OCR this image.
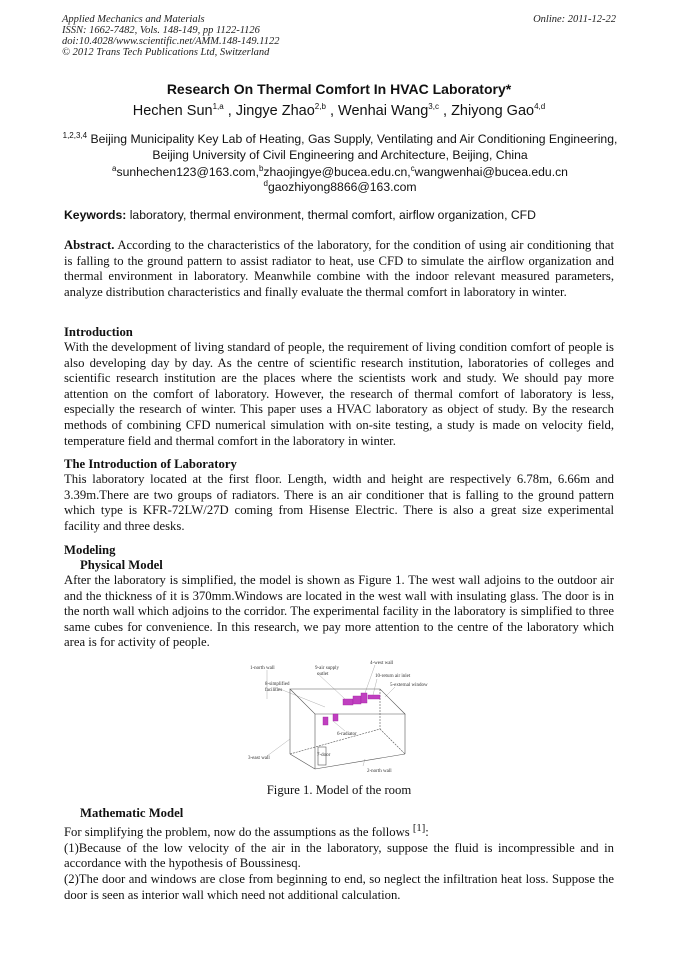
Applied Mechanics and Materials
ISSN: 1662-7482, Vols. 148-149, pp 1122-1126
doi:10.4028/www.scientific.net/AMM.148-149.1122
© 2012 Trans Tech Publications Ltd, Switzerland
Online: 2011-12-22
Research On Thermal Comfort In HVAC Laboratory*
Hechen Sun$^{1,a}$ , Jingye Zhao$^{2,b}$ , Wenhai Wang$^{3,c}$ , Zhiyong Gao$^{4,d}$
$^{1,2,3,4}$ Beijing Municipality Key Lab of Heating, Gas Supply, Ventilating and Air Conditioning Engineering, Beijing University of Civil Engineering and Architecture, Beijing, China
$^a$sunhechen123@163.com,$^b$zhaojingye@bucea.edu.cn,$^c$wangwenhai@bucea.edu.cn
$^d$gaozhiyong8866@163.com
Keywords: laboratory, thermal environment, thermal comfort, airflow organization, CFD
Abstract. According to the characteristics of the laboratory, for the condition of using air conditioning that is falling to the ground pattern to assist radiator to heat, use CFD to simulate the airflow organization and thermal environment in laboratory. Meanwhile combine with the indoor relevant measured parameters, analyze distribution characteristics and finally evaluate the thermal comfort in laboratory in winter.
Introduction
With the development of living standard of people, the requirement of living condition comfort of people is also developing day by day. As the centre of scientific research institution, laboratories of colleges and scientific research institution are the places where the scientists work and study. We should pay more attention on the comfort of laboratory. However, the research of thermal comfort of laboratory is less, especially the research of winter. This paper uses a HVAC laboratory as object of study. By the research methods of combining CFD numerical simulation with on-site testing, a study is made on velocity field, temperature field and thermal comfort in the laboratory in winter.
The Introduction of Laboratory
This laboratory located at the first floor. Length, width and height are respectively 6.78m, 6.66m and 3.39m.There are two groups of radiators. There is an air conditioner that is falling to the ground pattern which type is KFR-72LW/27D coming from Hisense Electric. There is also a great size experimental facility and three desks.
Modeling
Physical Model
After the laboratory is simplified, the model is shown as Figure 1. The west wall adjoins to the outdoor air and the thickness of it is 370mm.Windows are located in the west wall with insulating glass. The door is in the north wall which adjoins to the corridor. The experimental facility in the laboratory is simplified to three same cubes for convenience. In this research, we pay more attention to the centre of the laboratory which area is for activity of people.
1-north wall
8-simplified
facilities
9-air supply
outlet
4-west wall
10-return air inlet
5-external window
6-radiator
7-door
3-east wall
2-north wall
Figure 1. Model of the room
Mathematic Model
For simplifying the problem, now do the assumptions as the follows [1]:
(1)Because of the low velocity of the air in the laboratory, suppose the fluid is incompressible and in accordance with the hypothesis of Boussinesq.
(2)The door and windows are close from beginning to end, so neglect the infiltration heat loss. Suppose the door is seen as interior wall which need not additional calculation.
